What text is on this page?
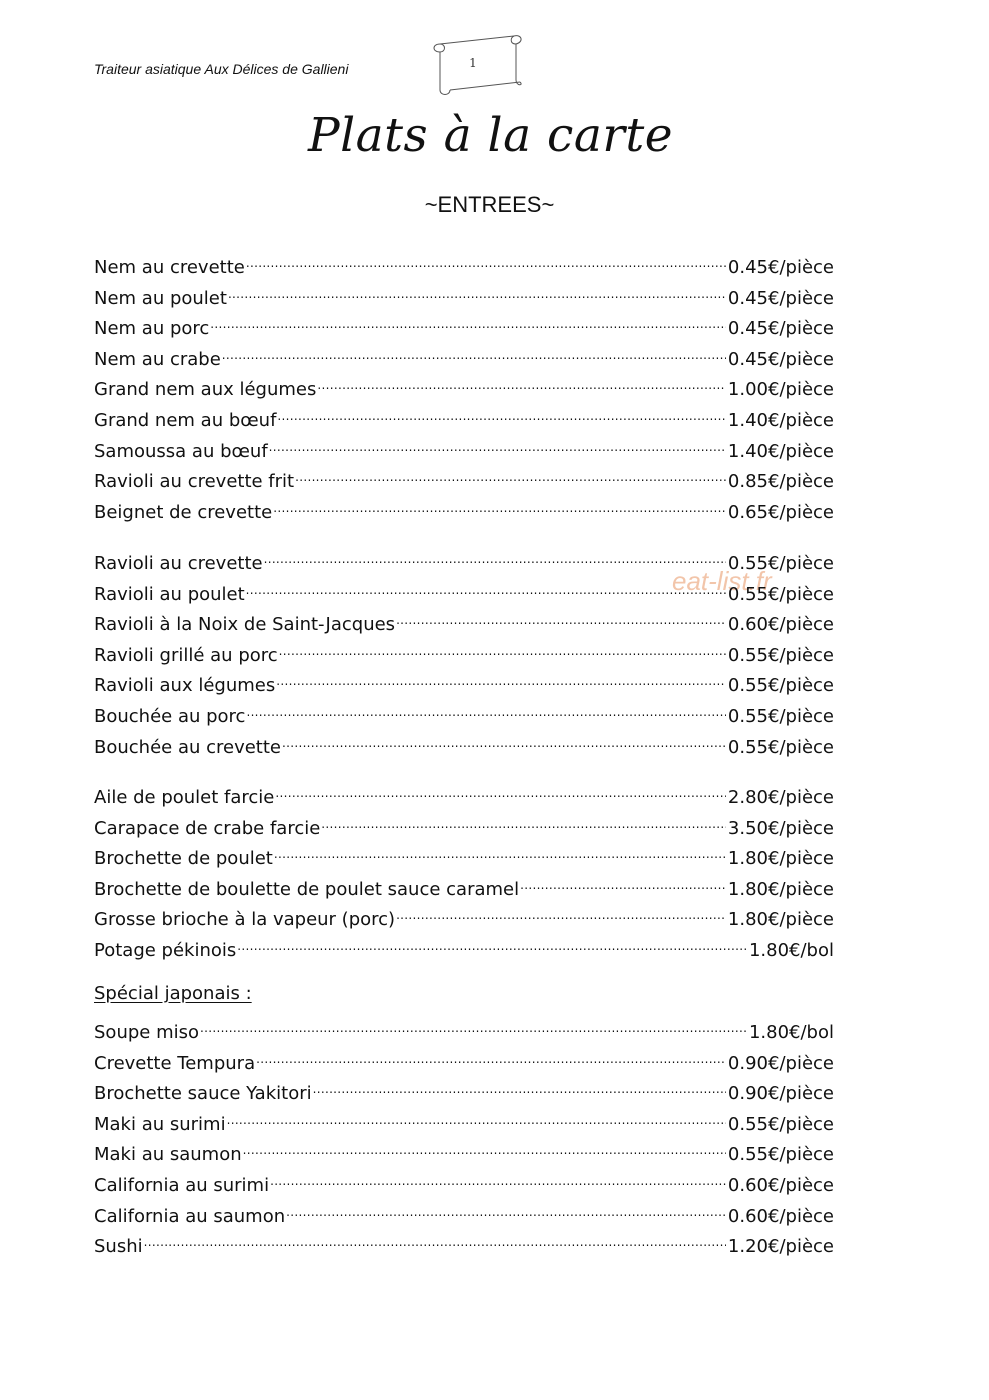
Traiteur asiatique Aux Délices de Gallieni	1
Plats à la carte
~ENTREES~
eat-list.fr
Nem au crevette .....	0.45€/pièce
Nem au poulet .....	0.45€/pièce
Nem au porc .....	0.45€/pièce
Nem au crabe .....	0.45€/pièce
Grand nem aux légumes .....	1.00€/pièce
Grand nem au bœuf .....	1.40€/pièce
Samoussa au bœuf .....	1.40€/pièce
Ravioli au crevette frit .....	0.85€/pièce
Beignet de crevette .....	0.65€/pièce
Ravioli au crevette .....	0.55€/pièce
Ravioli au poulet .....	0.55€/pièce
Ravioli à la Noix de Saint-Jacques .....	0.60€/pièce
Ravioli grillé au porc .....	0.55€/pièce
Ravioli aux légumes .....	0.55€/pièce
Bouchée au porc .....	0.55€/pièce
Bouchée au crevette .....	0.55€/pièce
Aile de poulet farcie .....	2.80€/pièce
Carapace de crabe farcie .....	3.50€/pièce
Brochette de poulet .....	1.80€/pièce
Brochette de boulette de poulet sauce caramel .....	1.80€/pièce
Grosse brioche à la vapeur (porc) .....	1.80€/pièce
Potage pékinois .....	1.80€/bol
Spécial japonais :
Soupe miso .....	1.80€/bol
Crevette Tempura .....	0.90€/pièce
Brochette sauce Yakitori .....	0.90€/pièce
Maki au surimi .....	0.55€/pièce
Maki au saumon .....	0.55€/pièce
California au surimi .....	0.60€/pièce
California au saumon .....	0.60€/pièce
Sushi .....	1.20€/pièce
